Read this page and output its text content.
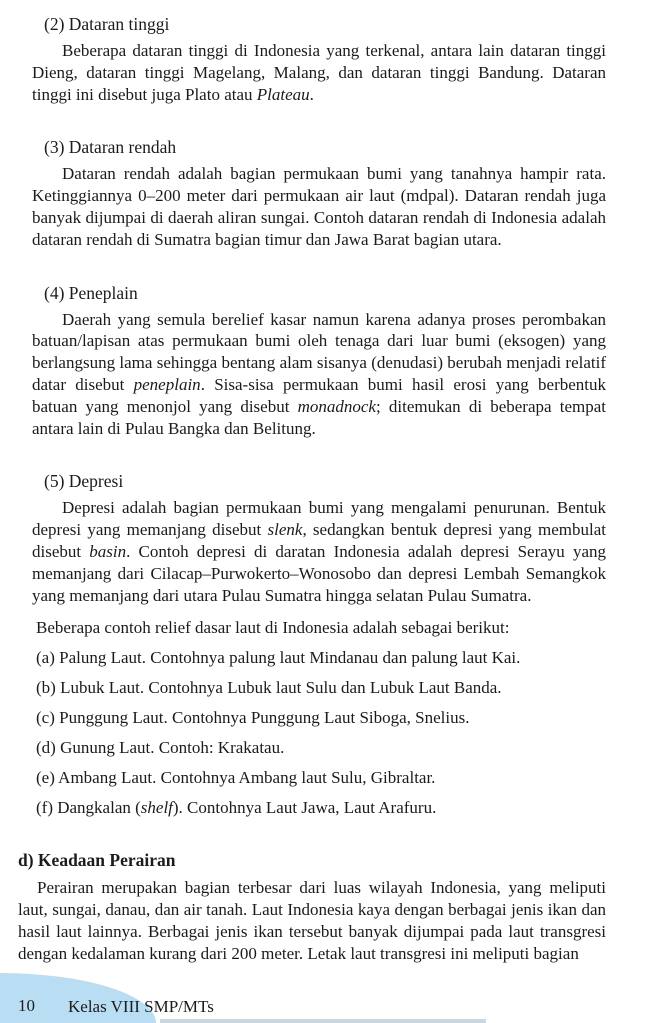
(2) Dataran tinggi

Beberapa dataran tinggi di Indonesia yang terkenal, antara lain dataran tinggi Dieng, dataran tinggi Magelang, Malang, dan dataran tinggi Bandung. Dataran tinggi ini disebut juga Plato atau Plateau.

(3) Dataran rendah

Dataran rendah adalah bagian permukaan bumi yang tanahnya hampir rata. Ketinggiannya 0–200 meter dari permukaan air laut (mdpal). Dataran rendah juga banyak dijumpai di daerah aliran sungai. Contoh dataran rendah di Indonesia adalah dataran rendah di Sumatra bagian timur dan Jawa Barat bagian utara.

(4) Peneplain

Daerah yang semula berelief kasar namun karena adanya proses perombakan batuan/lapisan atas permukaan bumi oleh tenaga dari luar bumi (eksogen) yang berlangsung lama sehingga bentang alam sisanya (denudasi) berubah menjadi relatif datar disebut peneplain. Sisa-sisa permukaan bumi hasil erosi yang berbentuk batuan yang menonjol yang disebut monadnock; ditemukan di beberapa tempat antara lain di Pulau Bangka dan Belitung.

(5) Depresi

Depresi adalah bagian permukaan bumi yang mengalami penurunan. Bentuk depresi yang memanjang disebut slenk, sedangkan bentuk depresi yang membulat disebut basin. Contoh depresi di daratan Indonesia adalah depresi Serayu yang memanjang dari Cilacap–Purwokerto–Wonosobo dan depresi Lembah Semangkok yang memanjang dari utara Pulau Sumatra hingga selatan Pulau Sumatra.

Beberapa contoh relief dasar laut di Indonesia adalah sebagai berikut:

(a) Palung Laut. Contohnya palung laut Mindanau dan palung laut Kai.

(b) Lubuk Laut. Contohnya Lubuk laut Sulu dan Lubuk Laut Banda.

(c) Punggung Laut. Contohnya Punggung Laut Siboga, Snelius.

(d) Gunung Laut. Contoh: Krakatau.

(e) Ambang Laut. Contohnya Ambang laut Sulu, Gibraltar.

(f) Dangkalan (shelf). Contohnya Laut Jawa, Laut Arafuru.

d) Keadaan Perairan

Perairan merupakan bagian terbesar dari luas wilayah Indonesia, yang meliputi laut, sungai, danau, dan air tanah. Laut Indonesia kaya dengan berbagai jenis ikan dan hasil laut lainnya. Berbagai jenis ikan tersebut banyak dijumpai pada laut transgresi dengan kedalaman kurang dari 200 meter. Letak laut transgresi ini meliputi bagian

10 Kelas VIII SMP/MTs
